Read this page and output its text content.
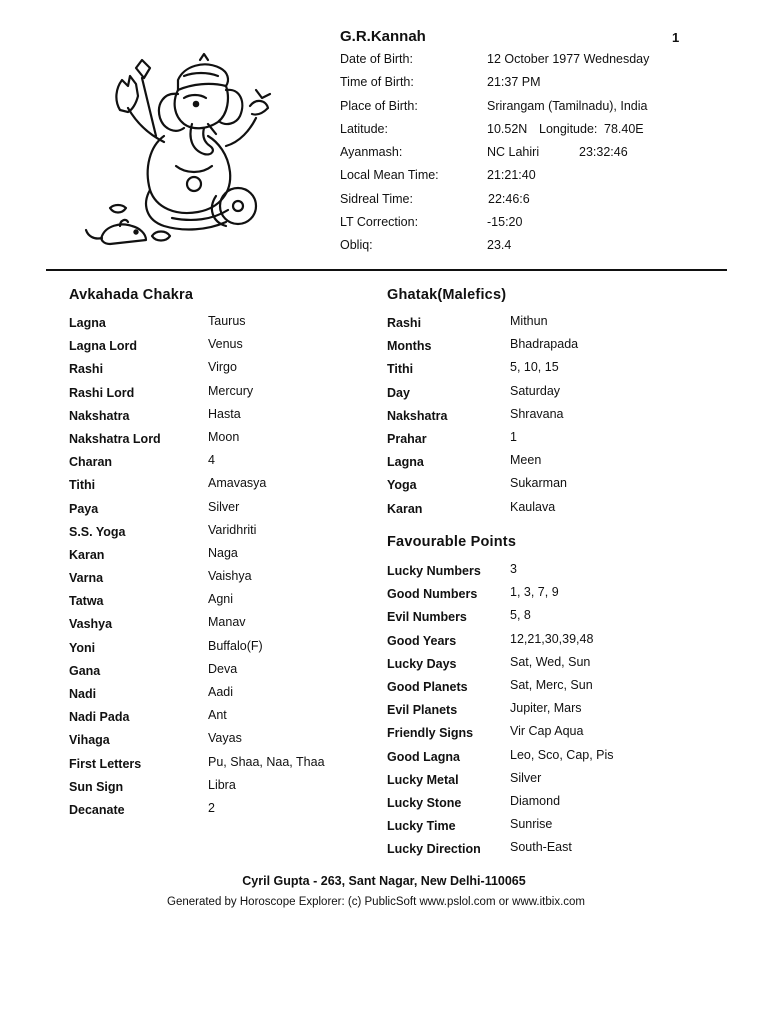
G.R.Kannah	1
Date of Birth:	12 October 1977 Wednesday
Time of Birth:	21:37 PM
Place of Birth:	Srirangam (Tamilnadu), India
Latitude:	10.52N Longitude: 78.40E
Ayanmash:	NC Lahiri	23:32:46
Local Mean Time:	21:21:40
Sidreal Time:	22:46:6
LT Correction:	-15:20
Obliq:	23.4
Avkahada Chakra
Lagna	Taurus
Lagna Lord	Venus
Rashi	Virgo
Rashi Lord	Mercury
Nakshatra	Hasta
Nakshatra Lord	Moon
Charan	4
Tithi	Amavasya
Paya	Silver
S.S. Yoga	Varidhriti
Karan	Naga
Varna	Vaishya
Tatwa	Agni
Vashya	Manav
Yoni	Buffalo(F)
Gana	Deva
Nadi	Aadi
Nadi Pada	Ant
Vihaga	Vayas
First Letters	Pu, Shaa, Naa, Thaa
Sun Sign	Libra
Decanate	2
Ghatak(Malefics)
Rashi	Mithun
Months	Bhadrapada
Tithi	5, 10, 15
Day	Saturday
Nakshatra	Shravana
Prahar	1
Lagna	Meen
Yoga	Sukarman
Karan	Kaulava
Favourable Points
Lucky Numbers 3
Good Numbers	1, 3, 7, 9
Evil Numbers	5, 8
Good Years	12,21,30,39,48
Lucky Days	Sat, Wed, Sun
Good Planets	Sat, Merc, Sun
Evil Planets	Jupiter, Mars
Friendly Signs	Vir Cap Aqua
Good Lagna	Leo, Sco, Cap, Pis
Lucky Metal	Silver
Lucky Stone	Diamond
Lucky Time	Sunrise
Lucky Direction South-East
Cyril Gupta - 263, Sant Nagar, New Delhi-110065
Generated by Horoscope Explorer: (c) PublicSoft www.pslol.com or www.itbix.com
